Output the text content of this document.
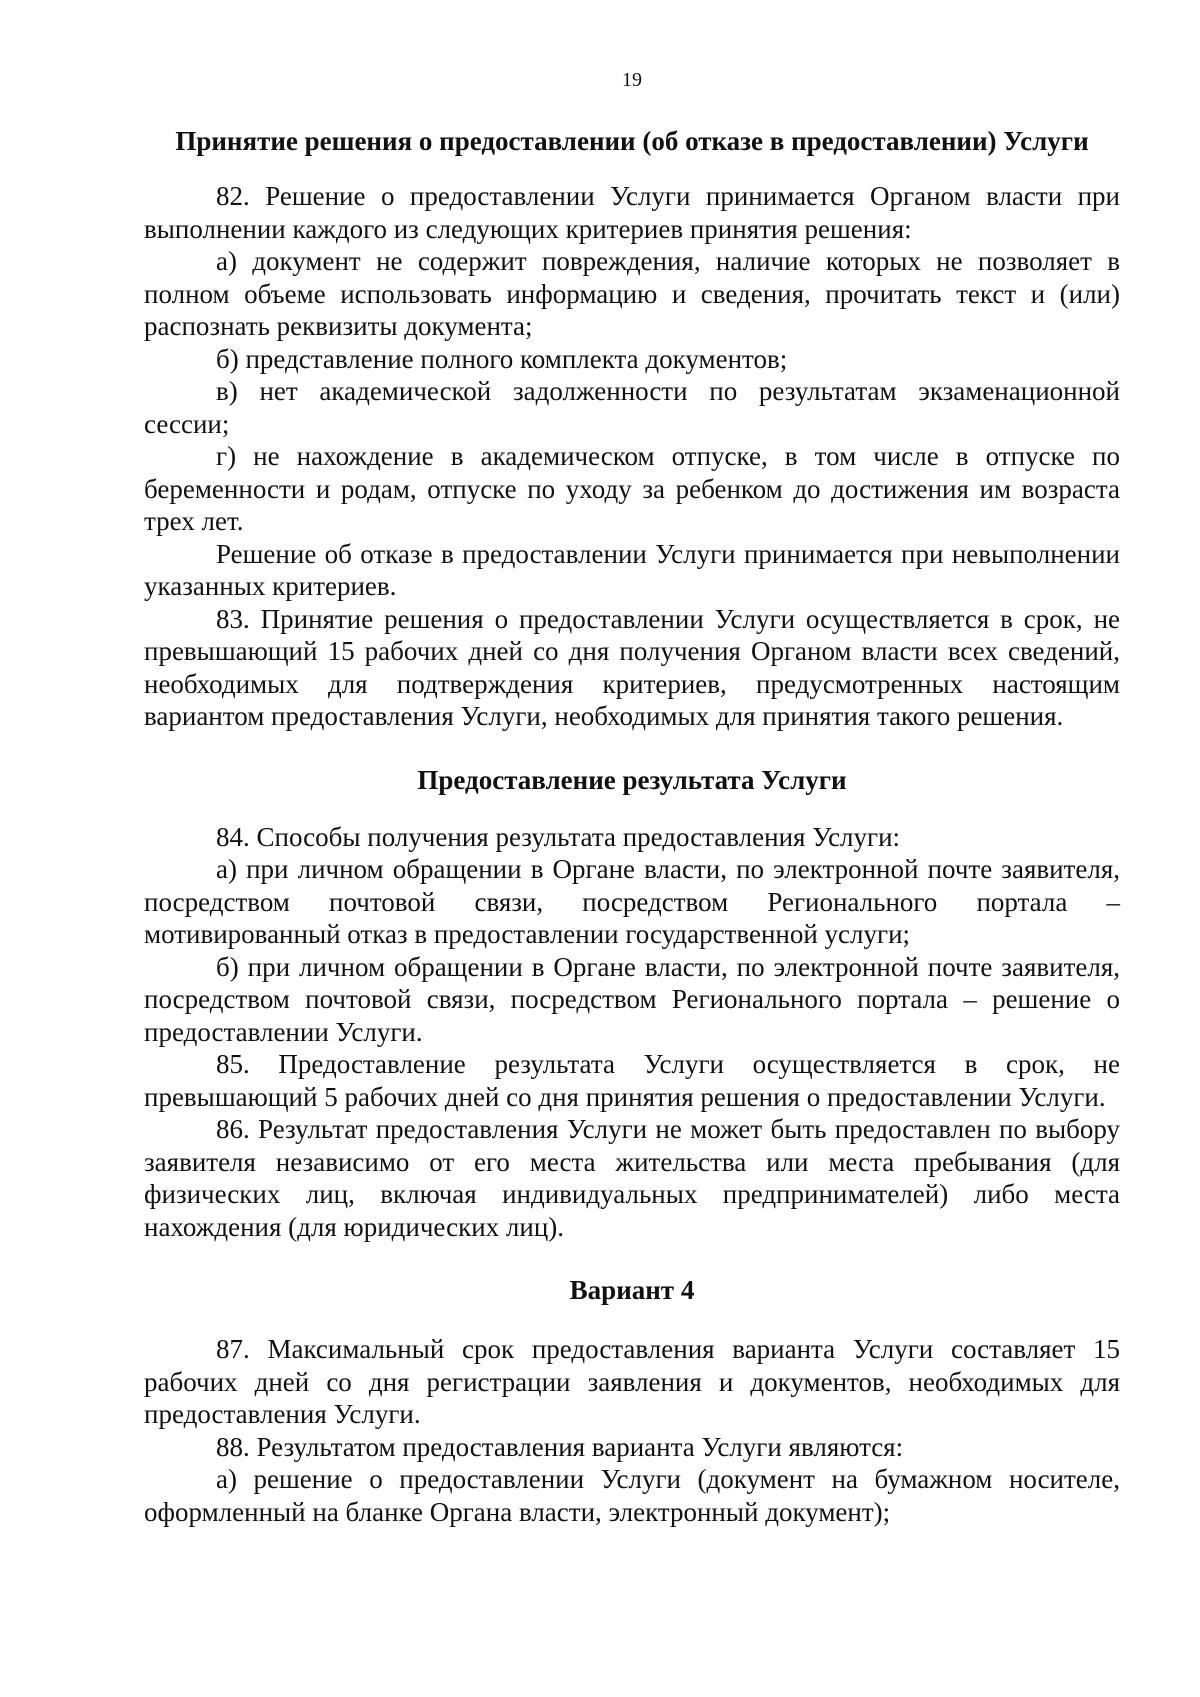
19
Принятие решения о предоставлении (об отказе в предоставлении) Услуги

82. Решение о предоставлении Услуги принимается Органом власти при выполнении каждого из следующих критериев принятия решения:

а) документ не содержит повреждения, наличие которых не позволяет в полном объеме использовать информацию и сведения, прочитать текст и (или) распознать реквизиты документа;

б) представление полного комплекта документов;

в) нет академической задолженности по результатам экзаменационной сессии;

г) не нахождение в академическом отпуске, в том числе в отпуске по беременности и родам, отпуске по уходу за ребенком до достижения им возраста трех лет.

Решение об отказе в предоставлении Услуги принимается при невыполнении указанных критериев.

83. Принятие решения о предоставлении Услуги осуществляется в срок, не превышающий 15 рабочих дней со дня получения Органом власти всех сведений, необходимых для подтверждения критериев, предусмотренных настоящим вариантом предоставления Услуги, необходимых для принятия такого решения.

Предоставление результата Услуги

84. Способы получения результата предоставления Услуги:

а) при личном обращении в Органе власти, по электронной почте заявителя, посредством почтовой связи, посредством Регионального портала – мотивированный отказ в предоставлении государственной услуги;

б) при личном обращении в Органе власти, по электронной почте заявителя, посредством почтовой связи, посредством Регионального портала – решение о предоставлении Услуги.

85. Предоставление результата Услуги осуществляется в срок, не превышающий 5 рабочих дней со дня принятия решения о предоставлении Услуги.

86. Результат предоставления Услуги не может быть предоставлен по выбору заявителя независимо от его места жительства или места пребывания (для физических лиц, включая индивидуальных предпринимателей) либо места нахождения (для юридических лиц).

Вариант 4

87. Максимальный срок предоставления варианта Услуги составляет 15 рабочих дней со дня регистрации заявления и документов, необходимых для предоставления Услуги.

88. Результатом предоставления варианта Услуги являются:

а) решение о предоставлении Услуги (документ на бумажном носителе, оформленный на бланке Органа власти, электронный документ);
